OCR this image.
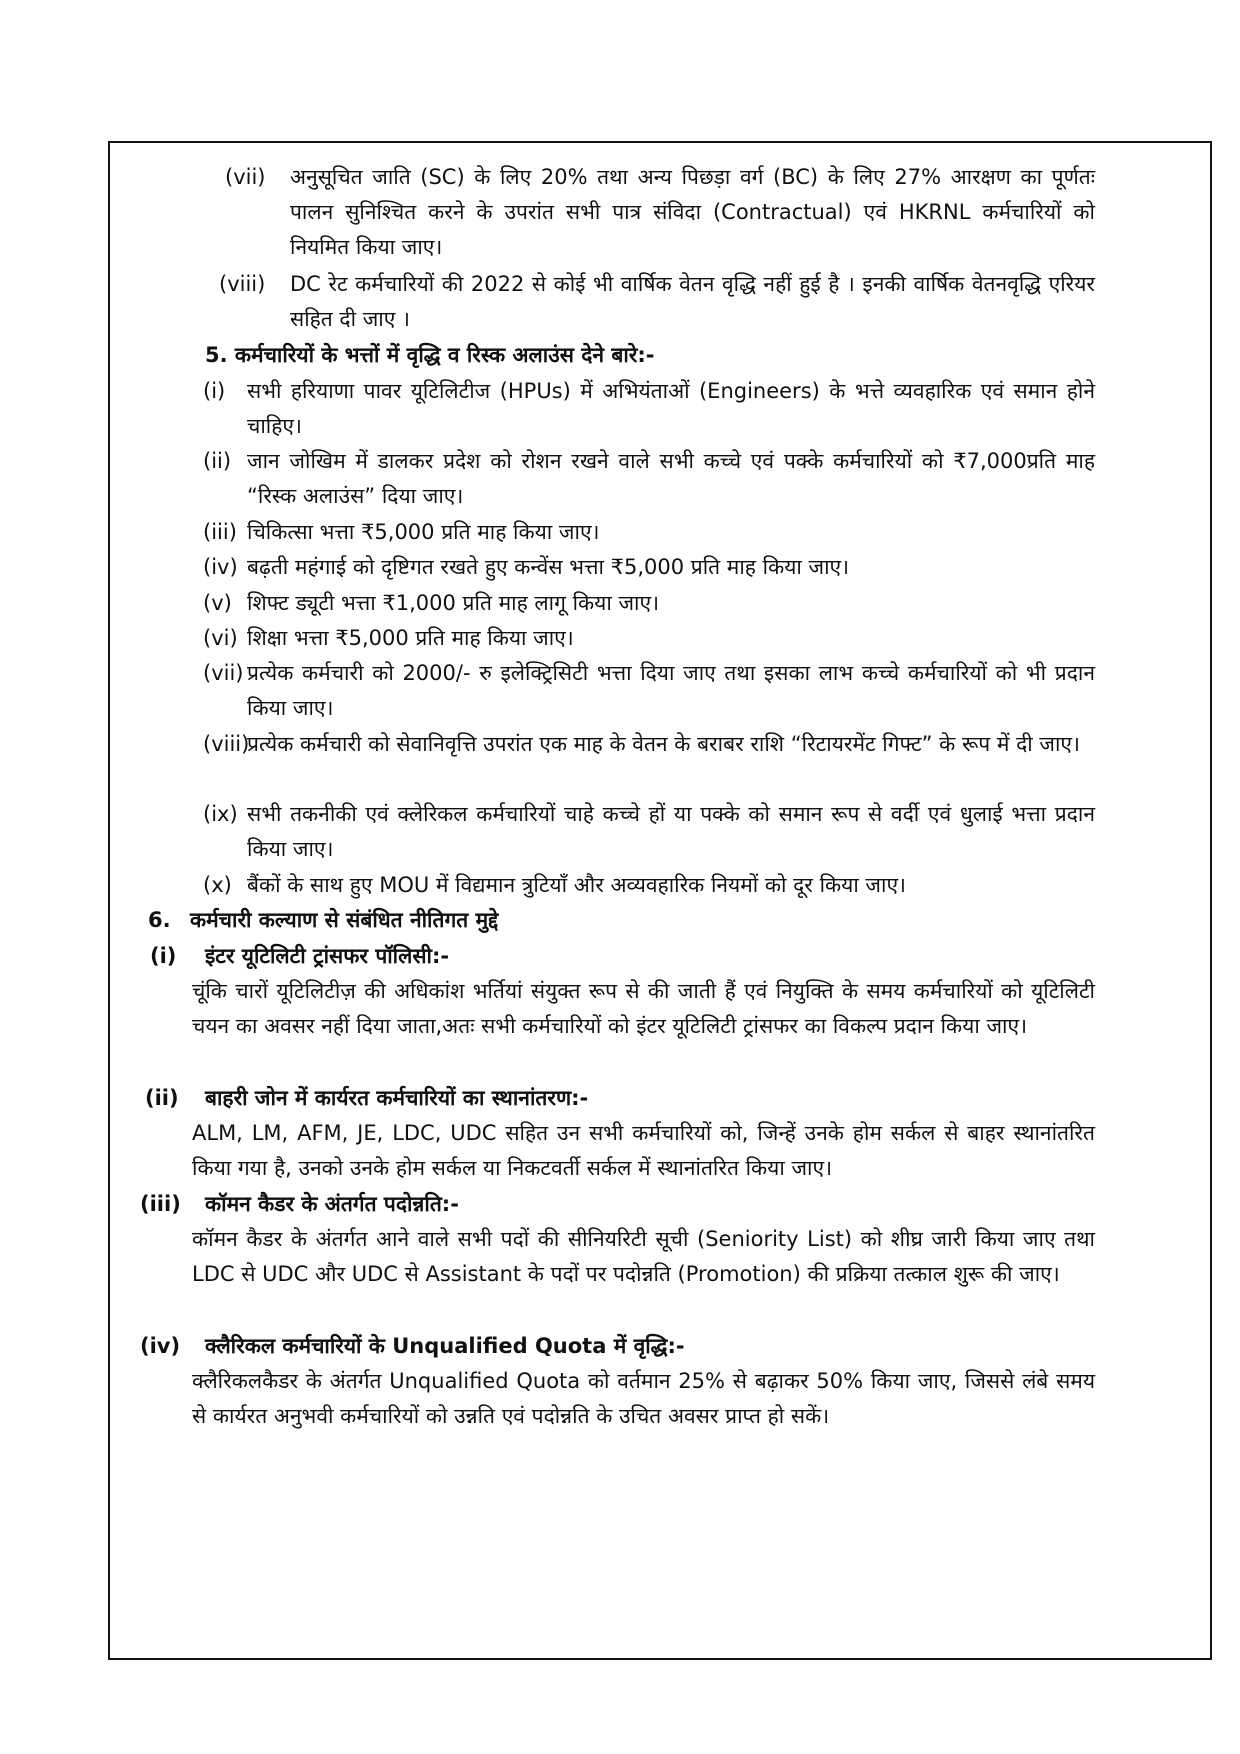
(vii) अनुसूचित जाति (SC) के लिए 20% तथा अन्य पिछड़ा वर्ग (BC) के लिए 27% आरक्षण का पूर्णतः पालन सुनिश्चित करने के उपरांत सभी पात्र संविदा (Contractual) एवं HKRNL कर्मचारियों को नियमित किया जाए।
(viii) DC रेट कर्मचारियों की 2022 से कोई भी वार्षिक वेतन वृद्धि नहीं हुई है । इनकी वार्षिक वेतनवृद्धि एरियर सहित दी जाए ।
5. कर्मचारियों के भत्तों में वृद्धि व रिस्क अलाउंस देने बारे:-
(i) सभी हरियाणा पावर यूटिलिटीज (HPUs) में अभियंताओं (Engineers) के भत्ते व्यवहारिक एवं समान होने चाहिए।
(ii) जान जोखिम में डालकर प्रदेश को रोशन रखने वाले सभी कच्चे एवं पक्के कर्मचारियों को ₹7,000प्रति माह “रिस्क अलाउंस” दिया जाए।
(iii) चिकित्सा भत्ता ₹5,000 प्रति माह किया जाए।
(iv) बढ़ती महंगाई को दृष्टिगत रखते हुए कन्वेंस भत्ता ₹5,000 प्रति माह किया जाए।
(v) शिफ्ट ड्यूटी भत्ता ₹1,000 प्रति माह लागू किया जाए।
(vi) शिक्षा भत्ता ₹5,000 प्रति माह किया जाए।
(vii) प्रत्येक कर्मचारी को 2000/- रु इलेक्ट्रिसिटी भत्ता दिया जाए तथा इसका लाभ कच्चे कर्मचारियों को भी प्रदान किया जाए।
(viii)
प्रत्येक कर्मचारी को सेवानिवृत्ति उपरांत एक माह के वेतन के बराबर राशि “रिटायरमेंट गिफ्ट” के रूप में दी जाए।
(ix) सभी तकनीकी एवं क्लेरिकल कर्मचारियों चाहे कच्चे हों या पक्के को समान रूप से वर्दी एवं धुलाई भत्ता प्रदान किया जाए।
(x) बैंकों के साथ हुए MOU में विद्यमान त्रुटियाँ और अव्यवहारिक नियमों को दूर किया जाए।
6. कर्मचारी कल्याण से संबंधित नीतिगत मुद्दे
(i) इंटर यूटिलिटी ट्रांसफर पॉलिसी:-
चूंकि चारों यूटिलिटीज़ की अधिकांश भर्तियां संयुक्त रूप से की जाती हैं एवं नियुक्ति के समय कर्मचारियों को यूटिलिटी चयन का अवसर नहीं दिया जाता,अतः सभी कर्मचारियों को इंटर यूटिलिटी ट्रांसफर का विकल्प प्रदान किया जाए।
(ii) बाहरी जोन में कार्यरत कर्मचारियों का स्थानांतरण:-
ALM, LM, AFM, JE, LDC, UDC सहित उन सभी कर्मचारियों को, जिन्हें उनके होम सर्कल से बाहर स्थानांतरित किया गया है, उनको उनके होम सर्कल या निकटवर्ती सर्कल में स्थानांतरित किया जाए।
(iii) कॉमन कैडर के अंतर्गत पदोन्नति:-
कॉमन कैडर के अंतर्गत आने वाले सभी पदों की सीनियरिटी सूची (Seniority List) को शीघ्र जारी किया जाए तथा LDC से UDC और UDC से Assistant के पदों पर पदोन्नति (Promotion) की प्रक्रिया तत्काल शुरू की जाए।
(iv) क्लैरिकल कर्मचारियों के Unqualified Quota में वृद्धि:-
क्लैरिकलकैडर के अंतर्गत Unqualified Quota को वर्तमान 25% से बढ़ाकर 50% किया जाए, जिससे लंबे समय से कार्यरत अनुभवी कर्मचारियों को उन्नति एवं पदोन्नति के उचित अवसर प्राप्त हो सकें।
